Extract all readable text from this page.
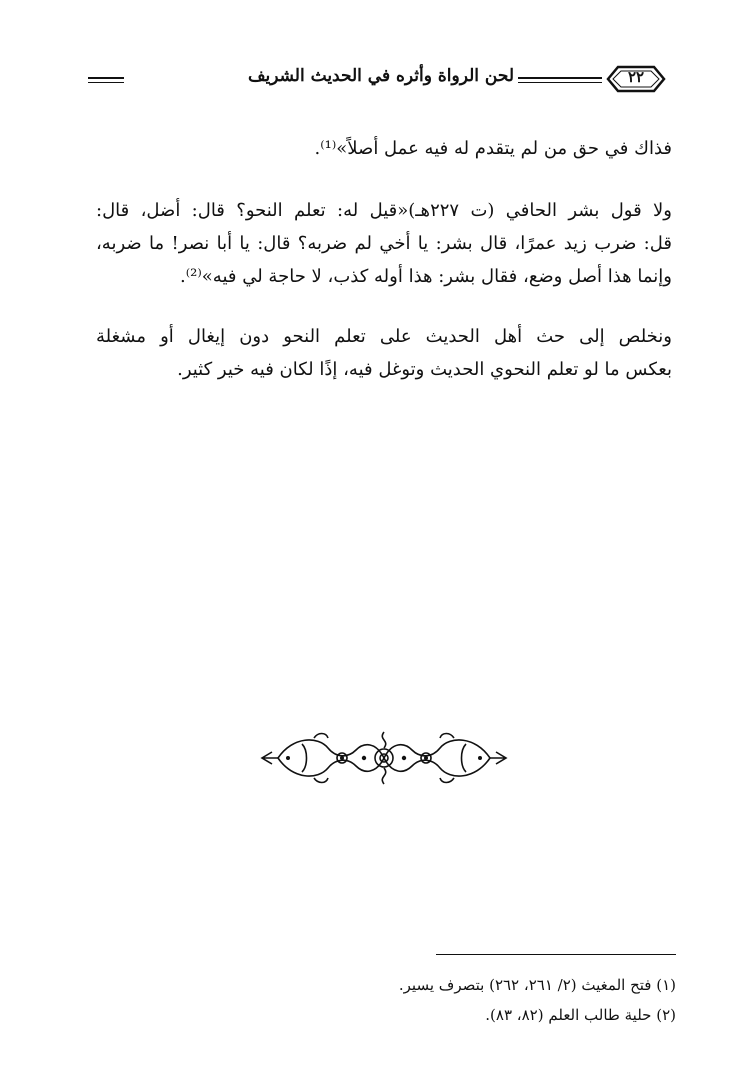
لحن الرواة وأثره في الحديث الشريف	٢٢
فذاك في حق من لم يتقدم له فيه عمل أصلاً»⁽¹⁾.
ولا قول بشر الحافي (ت ٢٢٧هـ)«قيل له: تعلم النحو؟ قال: أضل، قال:
قل: ضرب زيد عمرًا، قال بشر: يا أخي لم ضربه؟ قال: يا أبا نصر! ما ضربه،
وإنما هذا أصل وضع، فقال بشر: هذا أوله كذب، لا حاجة لي فيه»⁽²⁾.
ونخلص إلى حث أهل الحديث على تعلم النحو دون إيغال أو مشغلة
بعكس ما لو تعلم النحوي الحديث وتوغل فيه، إذًا لكان فيه خير كثير.
(١) فتح المغيث (٢/ ٢٦١، ٢٦٢) بتصرف يسير.
(٢) حلية طالب العلم (٨٢، ٨٣).
